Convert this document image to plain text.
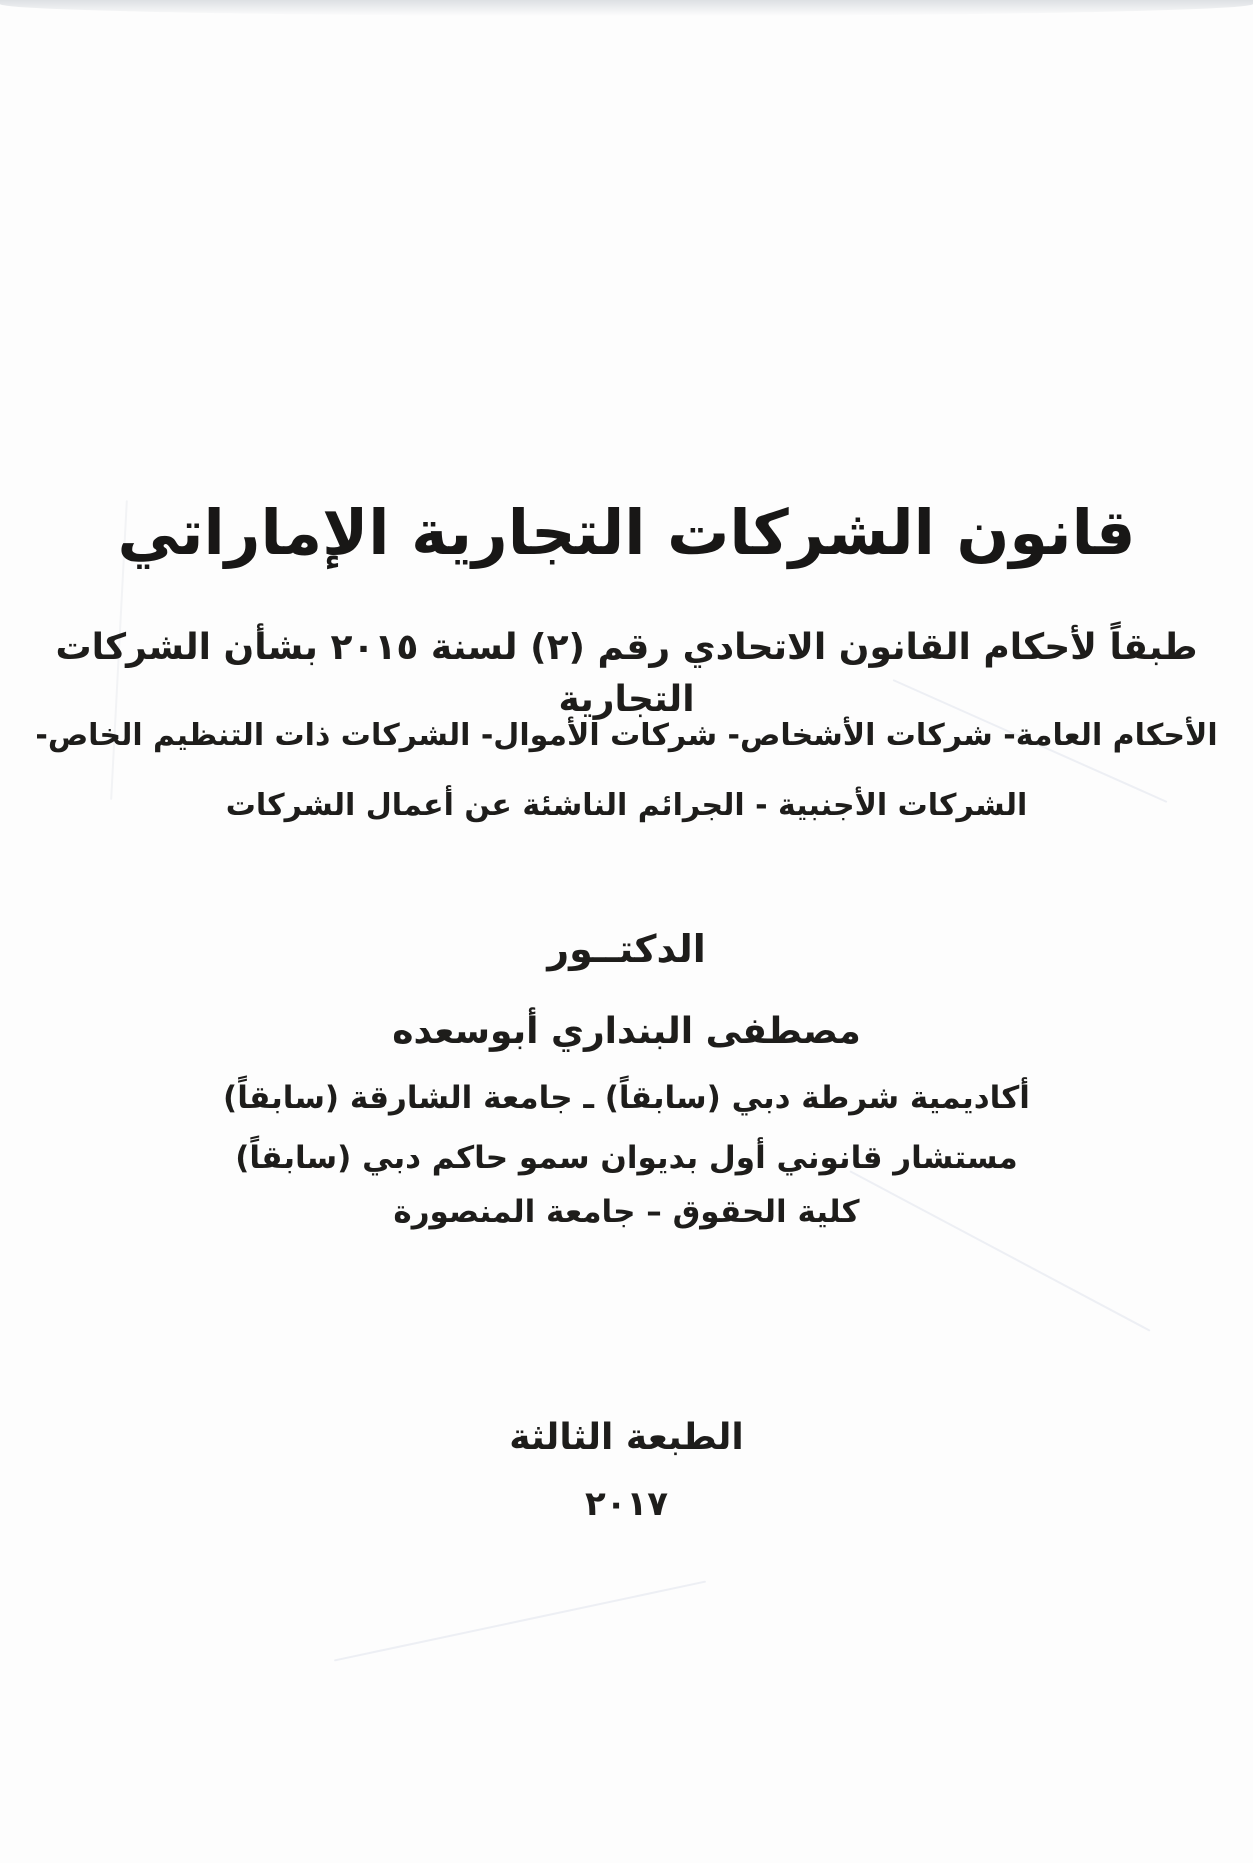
قانون الشركات التجارية الإماراتي
طبقاً لأحكام القانون الاتحادي رقم (٢) لسنة ٢٠١٥ بشأن الشركات التجارية

الأحكام العامة- شركات الأشخاص- شركات الأموال- الشركات ذات التنظيم الخاص-

الشركات الأجنبية - الجرائم الناشئة عن أعمال الشركات

الدكتــور

مصطفى البنداري أبوسعده

أكاديمية شرطة دبي (سابقاً) ـ جامعة الشارقة (سابقاً)

مستشار قانوني أول بديوان سمو حاكم دبي (سابقاً)

كلية الحقوق – جامعة المنصورة

الطبعة الثالثة

٢٠١٧
